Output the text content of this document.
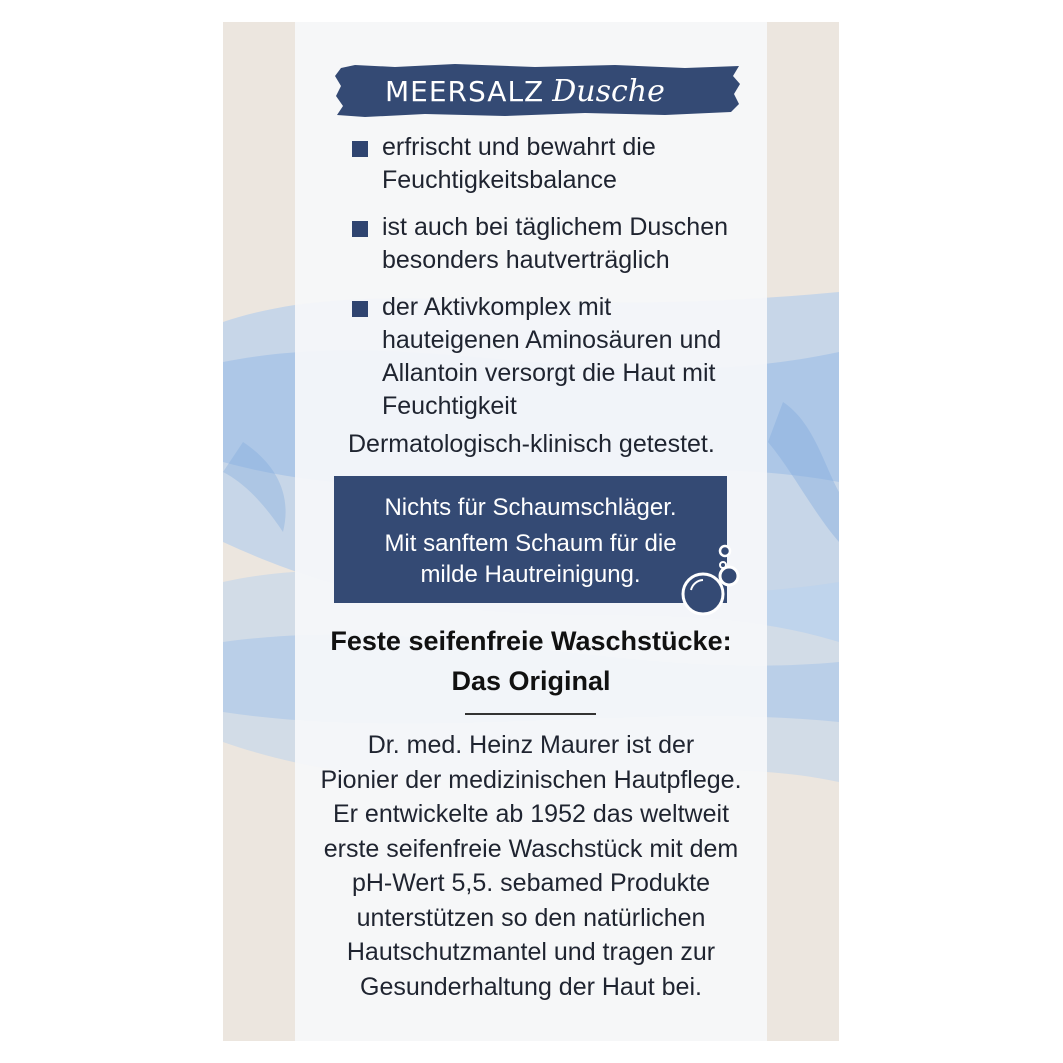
MEERSALZ Dusche
erfrischt und bewahrt die
Feuchtigkeitsbalance
ist auch bei täglichem Duschen
besonders hautverträglich
der Aktivkomplex mit
hauteigenen Aminosäuren und
Allantoin versorgt die Haut mit
Feuchtigkeit
Dermatologisch-klinisch getestet.
Nichts für Schaumschläger.
Mit sanftem Schaum für die
milde Hautreinigung.
Feste seifenfreie Waschstücke:
Das Original
Dr. med. Heinz Maurer ist der
Pionier der medizinischen Hautpflege.
Er entwickelte ab 1952 das weltweit
erste seifenfreie Waschstück mit dem
pH-Wert 5,5. sebamed Produkte
unterstützen so den natürlichen
Hautschutzmantel und tragen zur
Gesunderhaltung der Haut bei.
